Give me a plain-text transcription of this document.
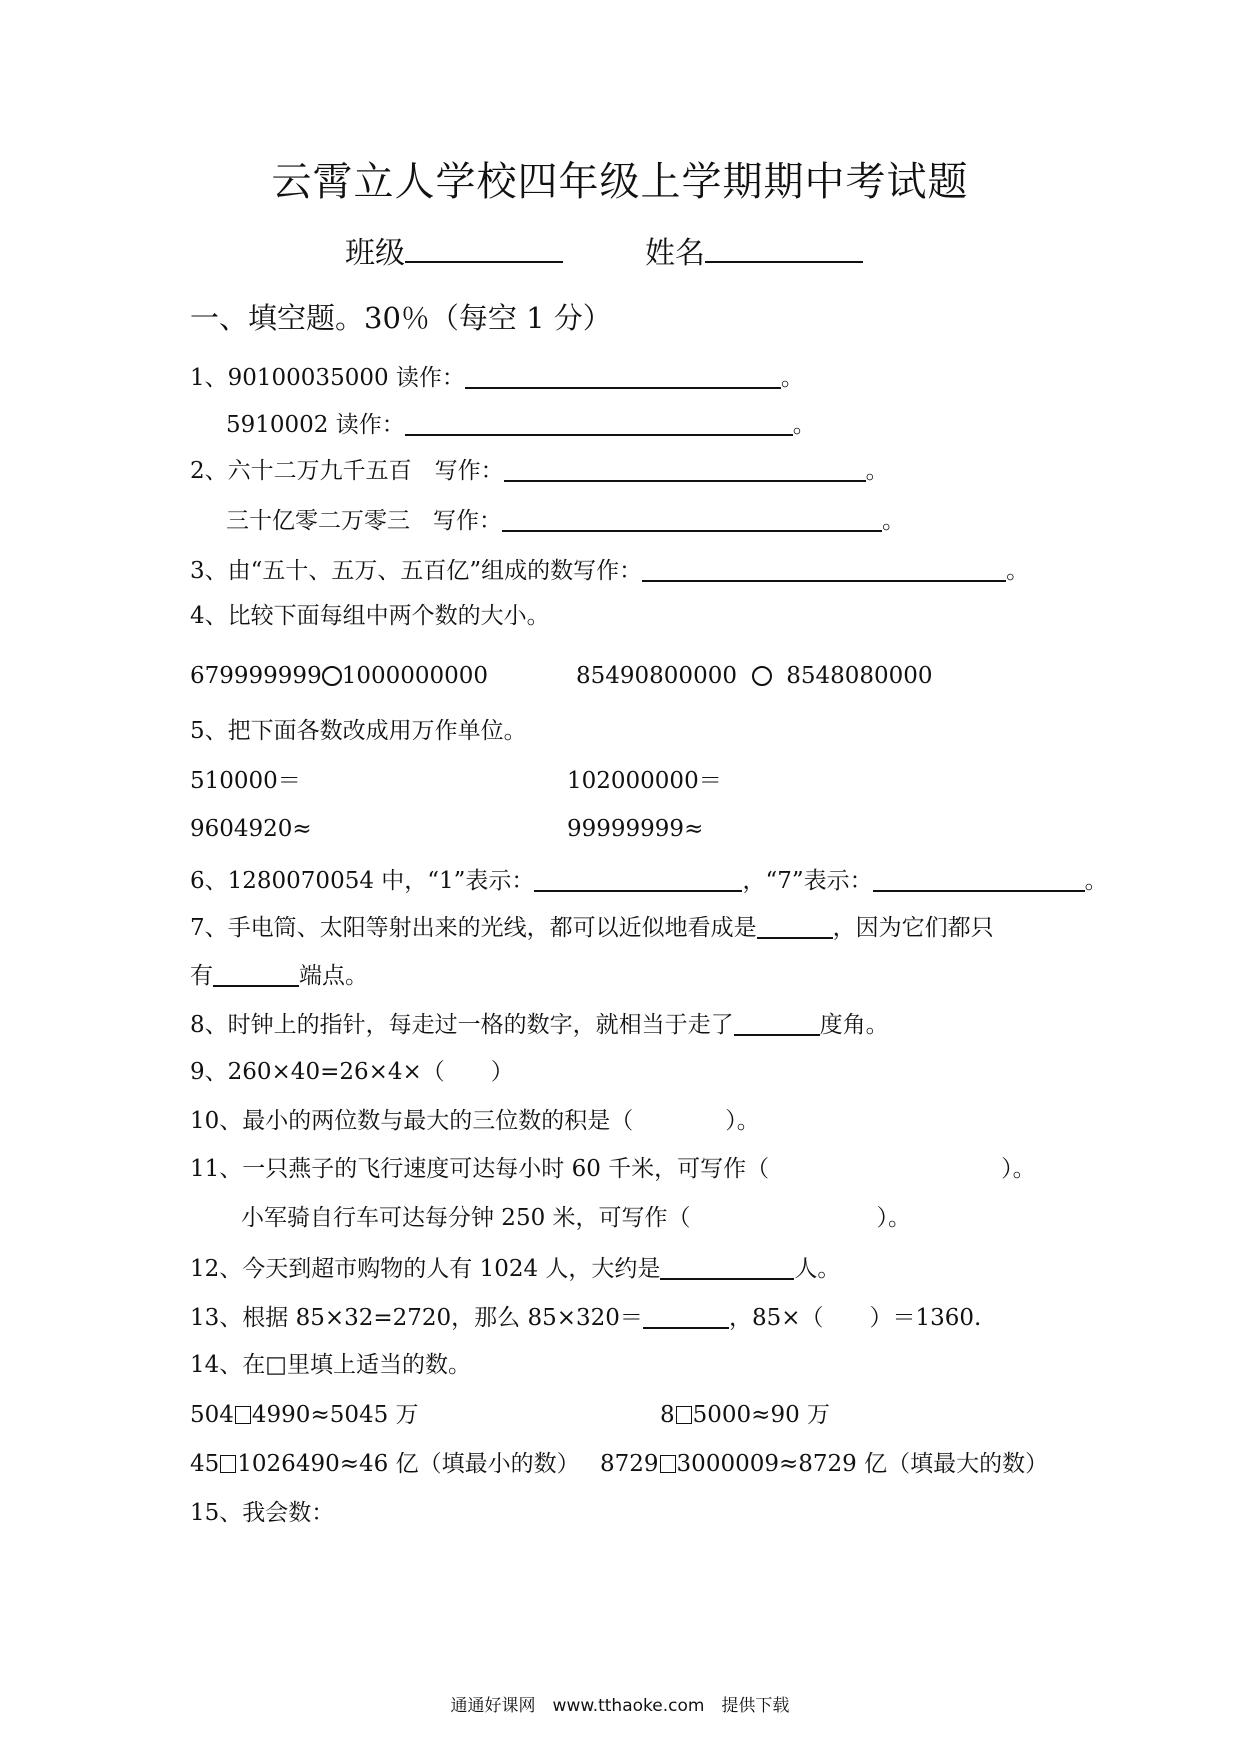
云霄立人学校四年级上学期期中考试题
班级	姓名
一、填空题。30％（每空 1 分）
1、90100035000 读作：	。
5910002 读作：	。
2、六十二万九千五百　写作：	。
三十亿零二万零三　写作：	。
3、由“五十、五万、五百亿”组成的数写作：	。
4、比较下面每组中两个数的大小。
679999999 1000000000	85490800000 8548080000
5、把下面各数改成用万作单位。
510000＝	102000000＝
9604920≈	99999999≈
6、1280070054 中，“1”表示：	，“7”表示：	。
7、手电筒、太阳等射出来的光线，都可以近似地看成是	，因为它们都只
有	端点。
8、时钟上的指针，每走过一格的数字，就相当于走了	度角。
9、260×40=26×4×（　　）
10、最小的两位数与最大的三位数的积是（　　　　）。
11、一只燕子的飞行速度可达每小时 60 千米，可写作（	）。
小军骑自行车可达每分钟 250 米，可写作（	）。
12、今天到超市购物的人有 1024 人，大约是	人。
13、根据 85×32=2720，那么 85×320＝	，85×（　　）＝1360.
14、在□里填上适当的数。
504 4990≈5045 万	8 5000≈90 万
45 1026490≈46 亿（填最小的数） 8729 3000009≈8729 亿（填最大的数）
15、我会数：
通通好课网　www.tthaoke.com　提供下载
